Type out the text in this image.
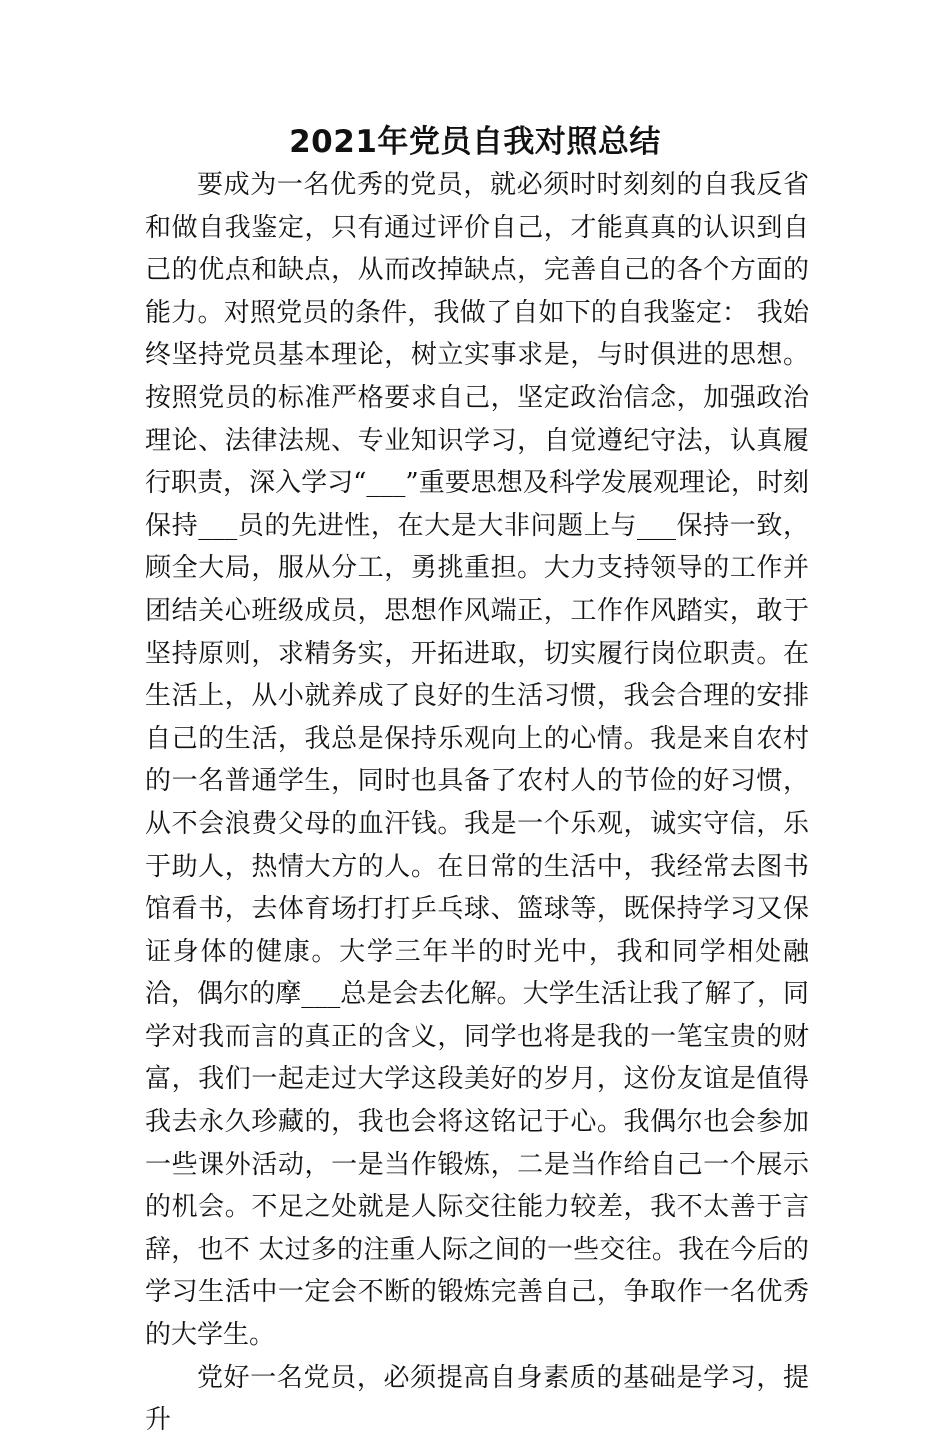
2021年党员自我对照总结

要成为一名优秀的党员，就必须时时刻刻的自我反省和做自我鉴定，只有通过评价自己，才能真真的认识到自己的优点和缺点，从而改掉缺点，完善自己的各个方面的能力。对照党员的条件，我做了自如下的自我鉴定： 我始终坚持党员基本理论，树立实事求是，与时俱进的思想。按照党员的标准严格要求自己，坚定政治信念，加强政治理论、法律法规、专业知识学习，自觉遵纪守法，认真履行职责，深入学习“___”重要思想及科学发展观理论，时刻保持___员的先进性，在大是大非问题上与___保持一致，顾全大局，服从分工，勇挑重担。大力支持领导的工作并团结关心班级成员，思想作风端正，工作作风踏实，敢于坚持原则，求精务实，开拓进取，切实履行岗位职责。在生活上，从小就养成了良好的生活习惯，我会合理的安排自己的生活，我总是保持乐观向上的心情。我是来自农村的一名普通学生，同时也具备了农村人的节俭的好习惯，从不会浪费父母的血汗钱。我是一个乐观，诚实守信，乐于助人，热情大方的人。在日常的生活中，我经常去图书馆看书，去体育场打打乒乓球、篮球等，既保持学习又保证身体的健康。大学三年半的时光中，我和同学相处融洽，偶尔的摩___总是会去化解。大学生活让我了解了，同学对我而言的真正的含义，同学也将是我的一笔宝贵的财富，我们一起走过大学这段美好的岁月，这份友谊是值得我去永久珍藏的，我也会将这铭记于心。我偶尔也会参加一些课外活动，一是当作锻炼，二是当作给自己一个展示的机会。不足之处就是人际交往能力较差，我不太善于言辞，也不 太过多的注重人际之间的一些交往。我在今后的学习生活中一定会不断的锻炼完善自己，争取作一名优秀的大学生。

党好一名党员，必须提高自身素质的基础是学习，提升
